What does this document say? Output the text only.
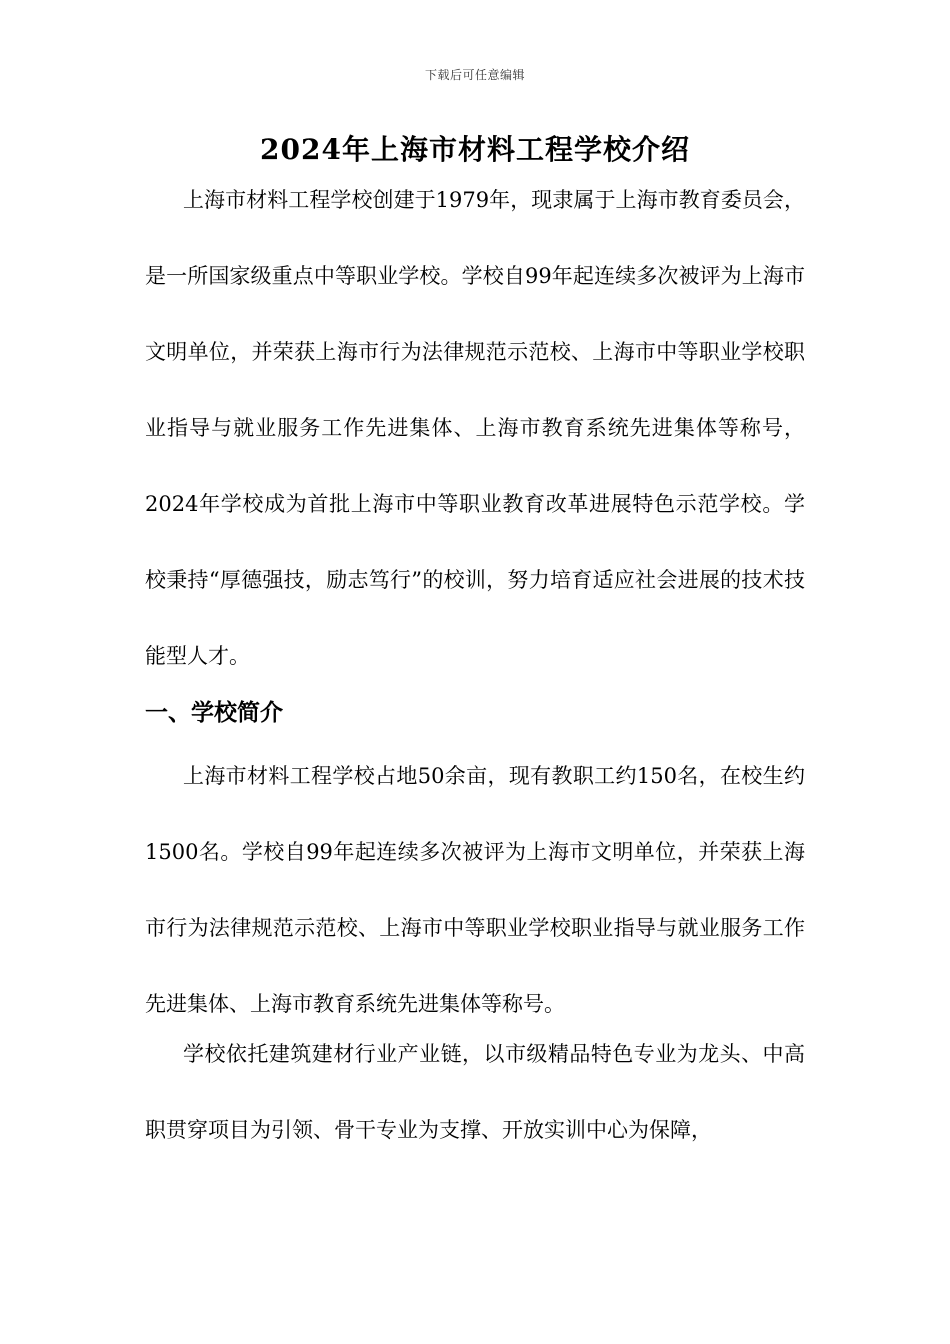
下载后可任意编辑
2024年上海市材料工程学校介绍

上海市材料工程学校创建于1979年，现隶属于上海市教育委员会，是一所国家级重点中等职业学校。学校自99年起连续多次被评为上海市文明单位，并荣获上海市行为法律规范示范校、上海市中等职业学校职业指导与就业服务工作先进集体、上海市教育系统先进集体等称号，2024年学校成为首批上海市中等职业教育改革进展特色示范学校。学校秉持“厚德强技，励志笃行”的校训，努力培育适应社会进展的技术技能型人才。

一、学校简介

上海市材料工程学校占地50余亩，现有教职工约150名，在校生约1500名。学校自99年起连续多次被评为上海市文明单位，并荣获上海市行为法律规范示范校、上海市中等职业学校职业指导与就业服务工作先进集体、上海市教育系统先进集体等称号。

学校依托建筑建材行业产业链，以市级精品特色专业为龙头、中高职贯穿项目为引领、骨干专业为支撑、开放实训中心为保障，
